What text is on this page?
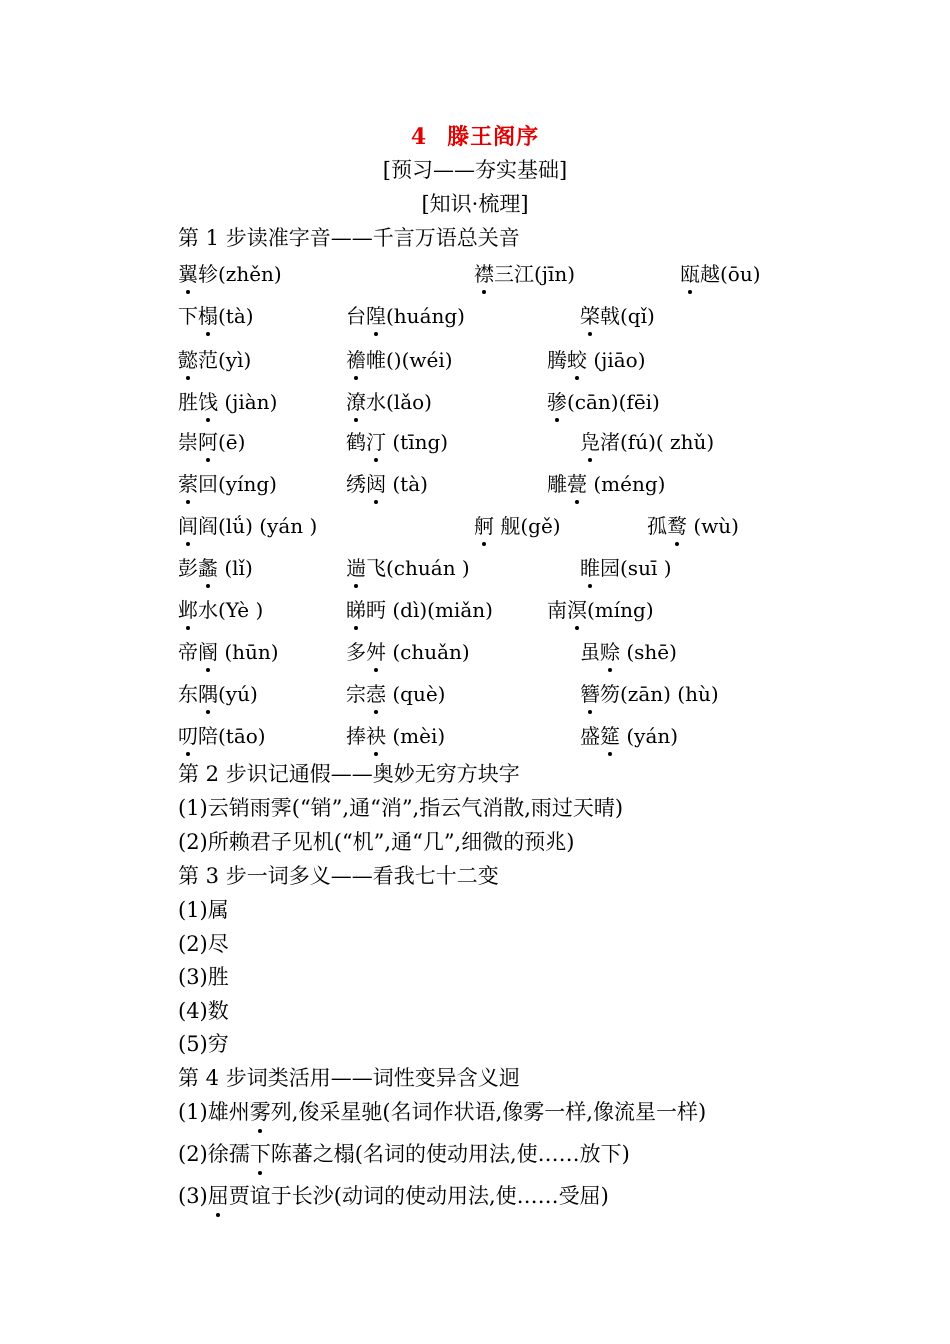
4 滕王阁序
[预习——夯实基础]
[知识·梳理]
第 1 步读准字音——千言万语总关音
翼轸(zhěn)	襟三江(jīn)	瓯越(ōu)
下榻(tà)	台隍(huáng)	棨戟(qǐ)
懿范(yì)	襜帷()(wéi)	腾蛟 (jiāo)
胜饯 (jiàn)	潦水(lǎo)	骖(cān)(fēi)
崇阿(ē)	鹤汀 (tīng)	凫渚(fú)( zhǔ)
萦回(yíng)	绣闼 (tà)	雕甍 (méng)
闾阎(lǘ) (yán )	舸 舰(gě)	孤鹜 (wù)
彭蠡 (lǐ)	遄飞(chuán )	睢园(suī )
邺水(Yè )	睇眄 (dì)(miǎn)	南溟(míng)
帝阍 (hūn)	多舛 (chuǎn)	虽赊 (shē)
东隅(yú)	宗悫 (què)	簪笏(zān) (hù)
叨陪(tāo)	捧袂 (mèi)	盛筵 (yán)
第 2 步识记通假——奥妙无穷方块字
(1)云销雨霁(“销”,通“消”,指云气消散,雨过天晴)
(2)所赖君子见机(“机”,通“几”,细微的预兆)
第 3 步一词多义——看我七十二变
(1)属
(2)尽
(3)胜
(4)数
(5)穷
第 4 步词类活用——词性变异含义迥
(1)雄州雾列,俊采星驰(名词作状语,像雾一样,像流星一样)
(2)徐孺下陈蕃之榻(名词的使动用法,使……放下)
(3)屈贾谊于长沙(动词的使动用法,使……受屈)
